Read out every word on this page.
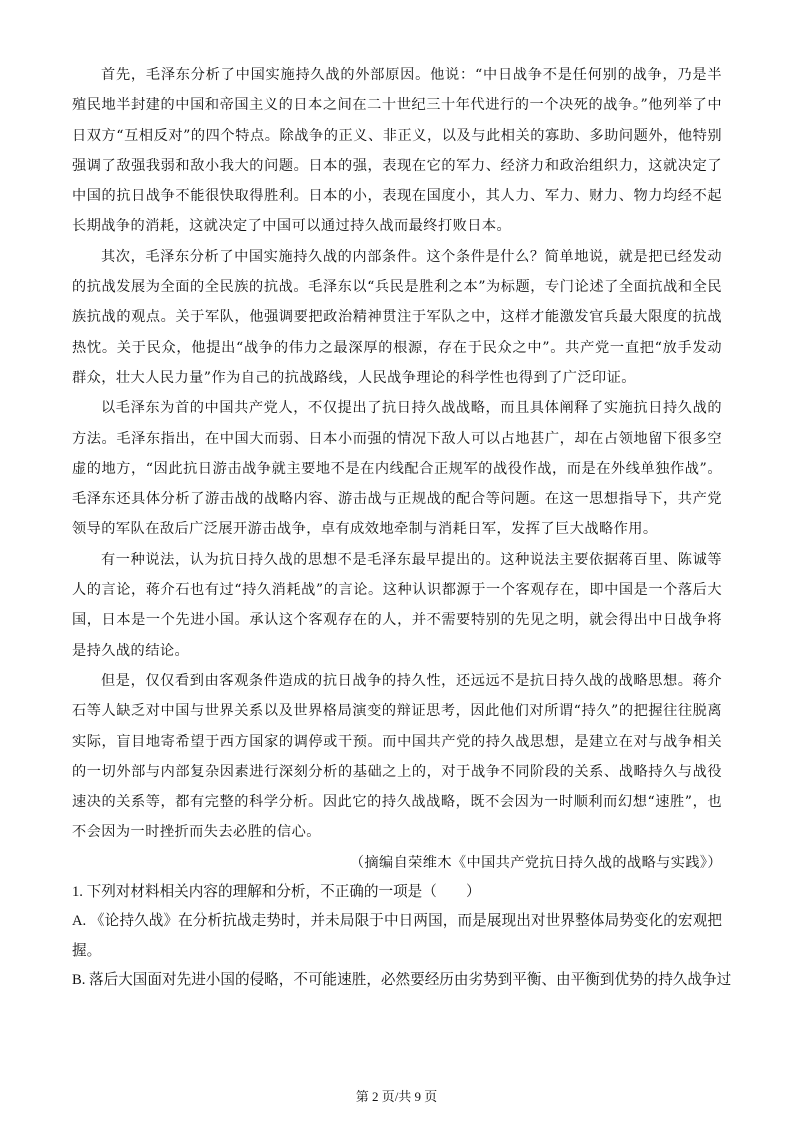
首先，毛泽东分析了中国实施持久战的外部原因。他说：“中日战争不是任何别的战争，乃是半殖民地半封建的中国和帝国主义的日本之间在二十世纪三十年代进行的一个决死的战争。”他列举了中日双方“互相反对”的四个特点。除战争的正义、非正义，以及与此相关的寡助、多助问题外，他特别强调了敌强我弱和敌小我大的问题。日本的强，表现在它的军力、经济力和政治组织力，这就决定了中国的抗日战争不能很快取得胜利。日本的小，表现在国度小，其人力、军力、财力、物力均经不起长期战争的消耗，这就决定了中国可以通过持久战而最终打败日本。

其次，毛泽东分析了中国实施持久战的内部条件。这个条件是什么？简单地说，就是把已经发动的抗战发展为全面的全民族的抗战。毛泽东以“兵民是胜利之本”为标题，专门论述了全面抗战和全民族抗战的观点。关于军队，他强调要把政治精神贯注于军队之中，这样才能激发官兵最大限度的抗战热忱。关于民众，他提出“战争的伟力之最深厚的根源，存在于民众之中”。共产党一直把“放手发动群众，壮大人民力量”作为自己的抗战路线，人民战争理论的科学性也得到了广泛印证。

以毛泽东为首的中国共产党人，不仅提出了抗日持久战战略，而且具体阐释了实施抗日持久战的方法。毛泽东指出，在中国大而弱、日本小而强的情况下敌人可以占地甚广，却在占领地留下很多空虚的地方，“因此抗日游击战争就主要地不是在内线配合正规军的战役作战，而是在外线单独作战”。毛泽东还具体分析了游击战的战略内容、游击战与正规战的配合等问题。在这一思想指导下，共产党领导的军队在敌后广泛展开游击战争，卓有成效地牵制与消耗日军，发挥了巨大战略作用。

有一种说法，认为抗日持久战的思想不是毛泽东最早提出的。这种说法主要依据蒋百里、陈诚等人的言论，蒋介石也有过“持久消耗战”的言论。这种认识都源于一个客观存在，即中国是一个落后大国，日本是一个先进小国。承认这个客观存在的人，并不需要特别的先见之明，就会得出中日战争将是持久战的结论。

但是，仅仅看到由客观条件造成的抗日战争的持久性，还远远不是抗日持久战的战略思想。蒋介石等人缺乏对中国与世界关系以及世界格局演变的辩证思考，因此他们对所谓“持久”的把握往往脱离实际，盲目地寄希望于西方国家的调停或干预。而中国共产党的持久战思想，是建立在对与战争相关的一切外部与内部复杂因素进行深刻分析的基础之上的，对于战争不同阶段的关系、战略持久与战役速决的关系等，都有完整的科学分析。因此它的持久战战略，既不会因为一时顺利而幻想“速胜”，也不会因为一时挫折而失去必胜的信心。

（摘编自荣维木《中国共产党抗日持久战的战略与实践》）

1. 下列对材料相关内容的理解和分析，不正确的一项是（　　）

A. 《论持久战》在分析抗战走势时，并未局限于中日两国，而是展现出对世界整体局势变化的宏观把握。

B. 落后大国面对先进小国的侵略，不可能速胜，必然要经历由劣势到平衡、由平衡到优势的持久战争过

第 2 页/共 9 页
